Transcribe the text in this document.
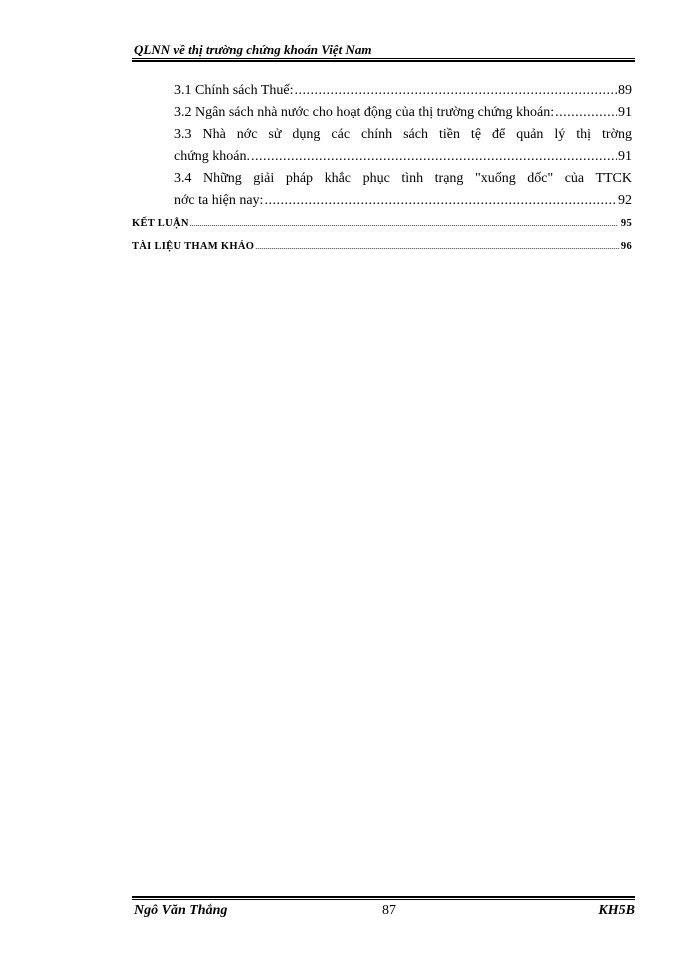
QLNN về thị trường chứng khoán Việt Nam
3.1 Chính sách Thuế: .....	89
3.2 Ngân sách nhà nước cho hoạt động của thị trường chứng khoán: .....	91
3.3 Nhà nớc sử dụng các chính sách tiền tệ để quản lý thị trờng
chứng khoán. .....	91
3.4 Những giải pháp khắc phục tình trạng "xuống dốc" của TTCK
nớc ta hiện nay: .....	92
KẾT LUẬN .....	95
TÀI LIỆU THAM KHẢO .....	96
Ngô Văn Thắng	87	KH5B
